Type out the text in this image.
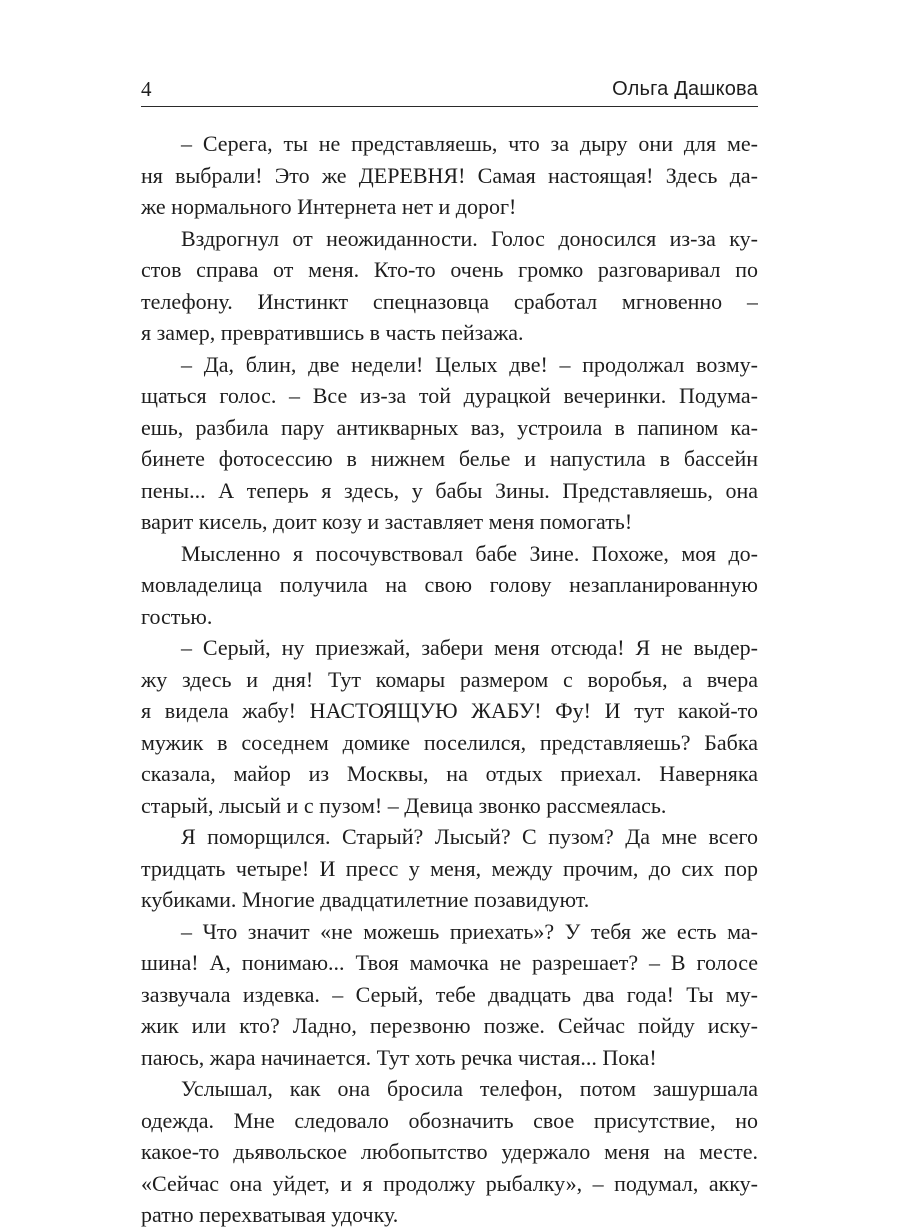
4	Ольга Дашкова
– Серега, ты не представляешь, что за дыру они для ме-
ня выбрали! Это же ДЕРЕВНЯ! Самая настоящая! Здесь да-
же нормального Интернета нет и дорог!
Вздрогнул от неожиданности. Голос доносился из-за ку-
стов справа от меня. Кто-то очень громко разговаривал по
телефону. Инстинкт спецназовца сработал мгновенно –
я замер, превратившись в часть пейзажа.
– Да, блин, две недели! Целых две! – продолжал возму-
щаться голос. – Все из-за той дурацкой вечеринки. Подума-
ешь, разбила пару антикварных ваз, устроила в папином ка-
бинете фотосессию в нижнем белье и напустила в бассейн
пены... А теперь я здесь, у бабы Зины. Представляешь, она
варит кисель, доит козу и заставляет меня помогать!
Мысленно я посочувствовал бабе Зине. Похоже, моя до-
мовладелица получила на свою голову незапланированную
гостью.
– Серый, ну приезжай, забери меня отсюда! Я не выдер-
жу здесь и дня! Тут комары размером с воробья, а вчера
я видела жабу! НАСТОЯЩУЮ ЖАБУ! Фу! И тут какой-то
мужик в соседнем домике поселился, представляешь? Бабка
сказала, майор из Москвы, на отдых приехал. Наверняка
старый, лысый и с пузом! – Девица звонко рассмеялась.
Я поморщился. Старый? Лысый? С пузом? Да мне всего
тридцать четыре! И пресс у меня, между прочим, до сих пор
кубиками. Многие двадцатилетние позавидуют.
– Что значит «не можешь приехать»? У тебя же есть ма-
шина! А, понимаю... Твоя мамочка не разрешает? – В голосе
зазвучала издевка. – Серый, тебе двадцать два года! Ты му-
жик или кто? Ладно, перезвоню позже. Сейчас пойду иску-
паюсь, жара начинается. Тут хоть речка чистая... Пока!
Услышал, как она бросила телефон, потом зашуршала
одежда. Мне следовало обозначить свое присутствие, но
какое-то дьявольское любопытство удержало меня на месте.
«Сейчас она уйдет, и я продолжу рыбалку», – подумал, акку-
ратно перехватывая удочку.
